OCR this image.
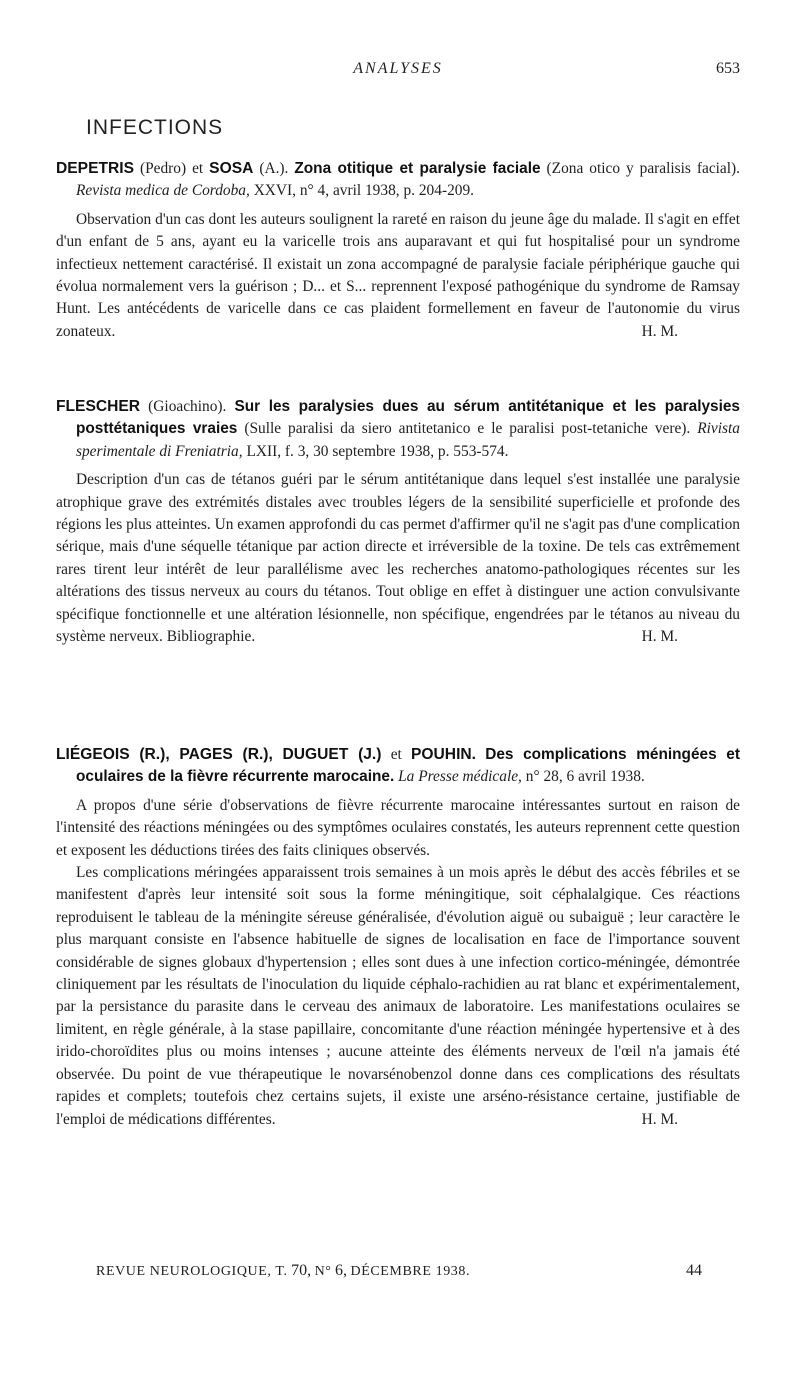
ANALYSES	653
INFECTIONS

DEPETRIS (Pedro) et SOSA (A.). Zona otitique et paralysie faciale (Zona otico y paralisis facial). Revista medica de Cordoba, XXVI, n° 4, avril 1938, p. 204-209.

Observation d'un cas dont les auteurs soulignent la rareté en raison du jeune âge du malade. Il s'agit en effet d'un enfant de 5 ans, ayant eu la varicelle trois ans auparavant et qui fut hospitalisé pour un syndrome infectieux nettement caractérisé. Il existait un zona accompagné de paralysie faciale périphérique gauche qui évolua normalement vers la guérison ; D... et S... reprennent l'exposé pathogénique du syndrome de Ramsay Hunt. Les antécédents de varicelle dans ce cas plaident formellement en faveur de l'autonomie du virus zonateux.	H. M.

FLESCHER (Gioachino). Sur les paralysies dues au sérum antitétanique et les paralysies posttétaniques vraies (Sulle paralisi da siero antitetanico e le paralisi post-tetaniche vere). Rivista sperimentale di Freniatria, LXII, f. 3, 30 septembre 1938, p. 553-574.

Description d'un cas de tétanos guéri par le sérum antitétanique dans lequel s'est installée une paralysie atrophique grave des extrémités distales avec troubles légers de la sensibilité superficielle et profonde des régions les plus atteintes. Un examen approfondi du cas permet d'affirmer qu'il ne s'agit pas d'une complication sérique, mais d'une séquelle tétanique par action directe et irréversible de la toxine. De tels cas extrêmement rares tirent leur intérêt de leur parallélisme avec les recherches anatomo-pathologiques récentes sur les altérations des tissus nerveux au cours du tétanos. Tout oblige en effet à distinguer une action convulsivante spécifique fonctionnelle et une altération lésionnelle, non spécifique, engendrées par le tétanos au niveau du système nerveux. Bibliographie.	H. M.

LIÉGEOIS (R.), PAGES (R.), DUGUET (J.) et POUHIN. Des complications méningées et oculaires de la fièvre récurrente marocaine. La Presse médicale, n° 28, 6 avril 1938.

A propos d'une série d'observations de fièvre récurrente marocaine intéressantes surtout en raison de l'intensité des réactions méningées ou des symptômes oculaires constatés, les auteurs reprennent cette question et exposent les déductions tirées des faits cliniques observés.

Les complications méringées apparaissent trois semaines à un mois après le début des accès fébriles et se manifestent d'après leur intensité soit sous la forme méningitique, soit céphalalgique. Ces réactions reproduisent le tableau de la méningite séreuse généralisée, d'évolution aiguë ou subaiguë ; leur caractère le plus marquant consiste en l'absence habituelle de signes de localisation en face de l'importance souvent considérable de signes globaux d'hypertension ; elles sont dues à une infection cortico-méningée, démontrée cliniquement par les résultats de l'inoculation du liquide céphalo-rachidien au rat blanc et expérimentalement, par la persistance du parasite dans le cerveau des animaux de laboratoire. Les manifestations oculaires se limitent, en règle générale, à la stase papillaire, concomitante d'une réaction méningée hypertensive et à des irido-choroïdites plus ou moins intenses ; aucune atteinte des éléments nerveux de l'œil n'a jamais été observée. Du point de vue thérapeutique le novarsénobenzol donne dans ces complications des résultats rapides et complets; toutefois chez certains sujets, il existe une arséno-résistance certaine, justifiable de l'emploi de médications différentes.	H. M.

REVUE NEUROLOGIQUE, T. 70, N° 6, DÉCEMBRE 1938.	44
